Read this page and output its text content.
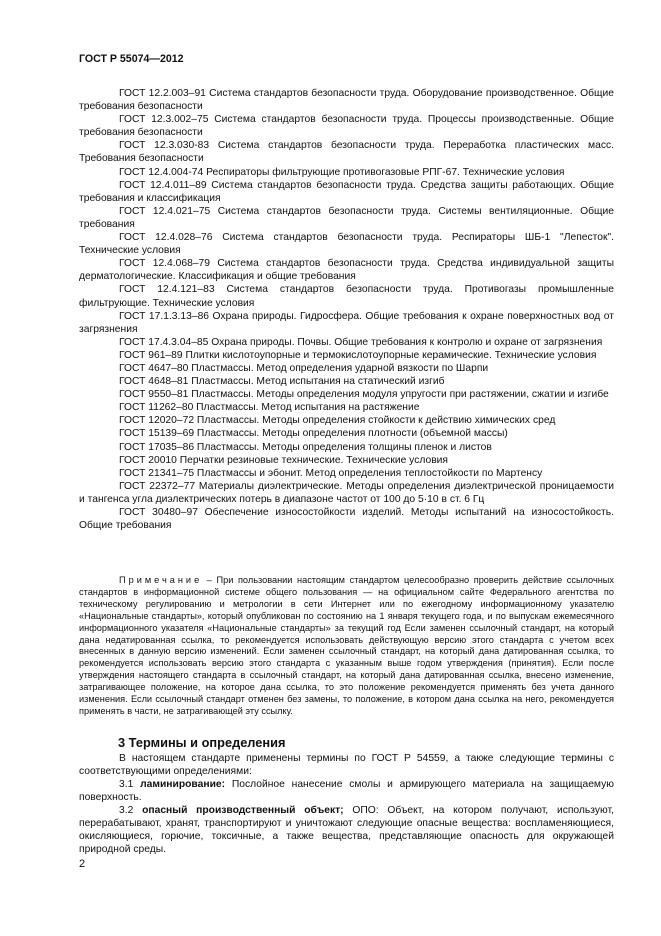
ГОСТ Р 55074—2012

ГОСТ 12.2.003–91 Система стандартов безопасности труда. Оборудование производственное. Общие требования безопасности

ГОСТ 12.3.002–75 Система стандартов безопасности труда. Процессы производственные. Общие требования безопасности

ГОСТ 12.3.030-83 Система стандартов безопасности труда. Переработка пластических масс. Требования безопасности

ГОСТ 12.4.004-74 Респираторы фильтрующие противогазовые РПГ-67. Технические условия

ГОСТ 12.4.011–89 Система стандартов безопасности труда. Средства защиты работающих. Общие требования и классификация

ГОСТ 12.4.021–75 Система стандартов безопасности труда. Системы вентиляционные. Общие требования

ГОСТ 12.4.028–76 Система стандартов безопасности труда. Респираторы ШБ-1 "Лепесток". Технические условия

ГОСТ 12.4.068–79 Система стандартов безопасности труда. Средства индивидуальной защиты дерматологические. Классификация и общие требования

ГОСТ 12.4.121–83 Система стандартов безопасности труда. Противогазы промышленные фильтрующие. Технические условия

ГОСТ 17.1.3.13–86 Охрана природы. Гидросфера. Общие требования к охране поверхностных вод от загрязнения

ГОСТ 17.4.3.04–85 Охрана природы. Почвы. Общие требования к контролю и охране от загрязнения

ГОСТ 961–89 Плитки кислотоупорные и термокислотоупорные керамические. Технические условия

ГОСТ 4647–80 Пластмассы. Метод определения ударной вязкости по Шарпи

ГОСТ 4648–81 Пластмассы. Метод испытания на статический изгиб

ГОСТ 9550–81 Пластмассы. Методы определения модуля упругости при растяжении, сжатии и изгибе

ГОСТ 11262–80 Пластмассы. Метод испытания на растяжение

ГОСТ 12020–72 Пластмассы. Методы определения стойкости к действию химических сред

ГОСТ 15139–69 Пластмассы. Методы определения плотности (объемной массы)

ГОСТ 17035–86 Пластмассы. Методы определения толщины пленок и листов

ГОСТ 20010 Перчатки резиновые технические. Технические условия

ГОСТ 21341–75 Пластмассы и эбонит. Метод определения теплостойкости по Мартенсу

ГОСТ 22372–77 Материалы диэлектрические. Методы определения диэлектрической проницаемости и тангенса угла диэлектрических потерь в диапазоне частот от 100 до 5·10 в ст. 6 Гц

ГОСТ 30480–97 Обеспечение износостойкости изделий. Методы испытаний на износостойкость. Общие требования

Примечание – При пользовании настоящим стандартом целесообразно проверить действие ссылочных стандартов в информационной системе общего пользования — на официальном сайте Федерального агентства по техническому регулированию и метрологии в сети Интернет или по ежегодному информационному указателю «Национальные стандарты», который опубликован по состоянию на 1 января текущего года, и по выпускам ежемесячного информационного указателя «Национальные стандарты» за текущий год Если заменен ссылочный стандарт, на который дана недатированная ссылка, то рекомендуется использовать действующую версию этого стандарта с учетом всех внесенных в данную версию изменений. Если заменен ссылочный стандарт, на который дана датированная ссылка, то рекомендуется использовать версию этого стандарта с указанным выше годом утверждения (принятия). Если после утверждения настоящего стандарта в ссылочный стандарт, на который дана датированная ссылка, внесено изменение, затрагивающее положение, на которое дана ссылка, то это положение рекомендуется применять без учета данного изменения. Если ссылочный стандарт отменен без замены, то положение, в котором дана ссылка на него, рекомендуется применять в части, не затрагивающей эту ссылку.

3 Термины и определения

В настоящем стандарте применены термины по ГОСТ Р 54559, а также следующие термины с соответствующими определениями:

3.1 ламинирование: Послойное нанесение смолы и армирующего материала на защищаемую поверхность.

3.2 опасный производственный объект; ОПО: Объект, на котором получают, используют, перерабатывают, хранят, транспортируют и уничтожают следующие опасные вещества: воспламеняющиеся, окисляющиеся, горючие, токсичные, а также вещества, представляющие опасность для окружающей природной среды.

2
